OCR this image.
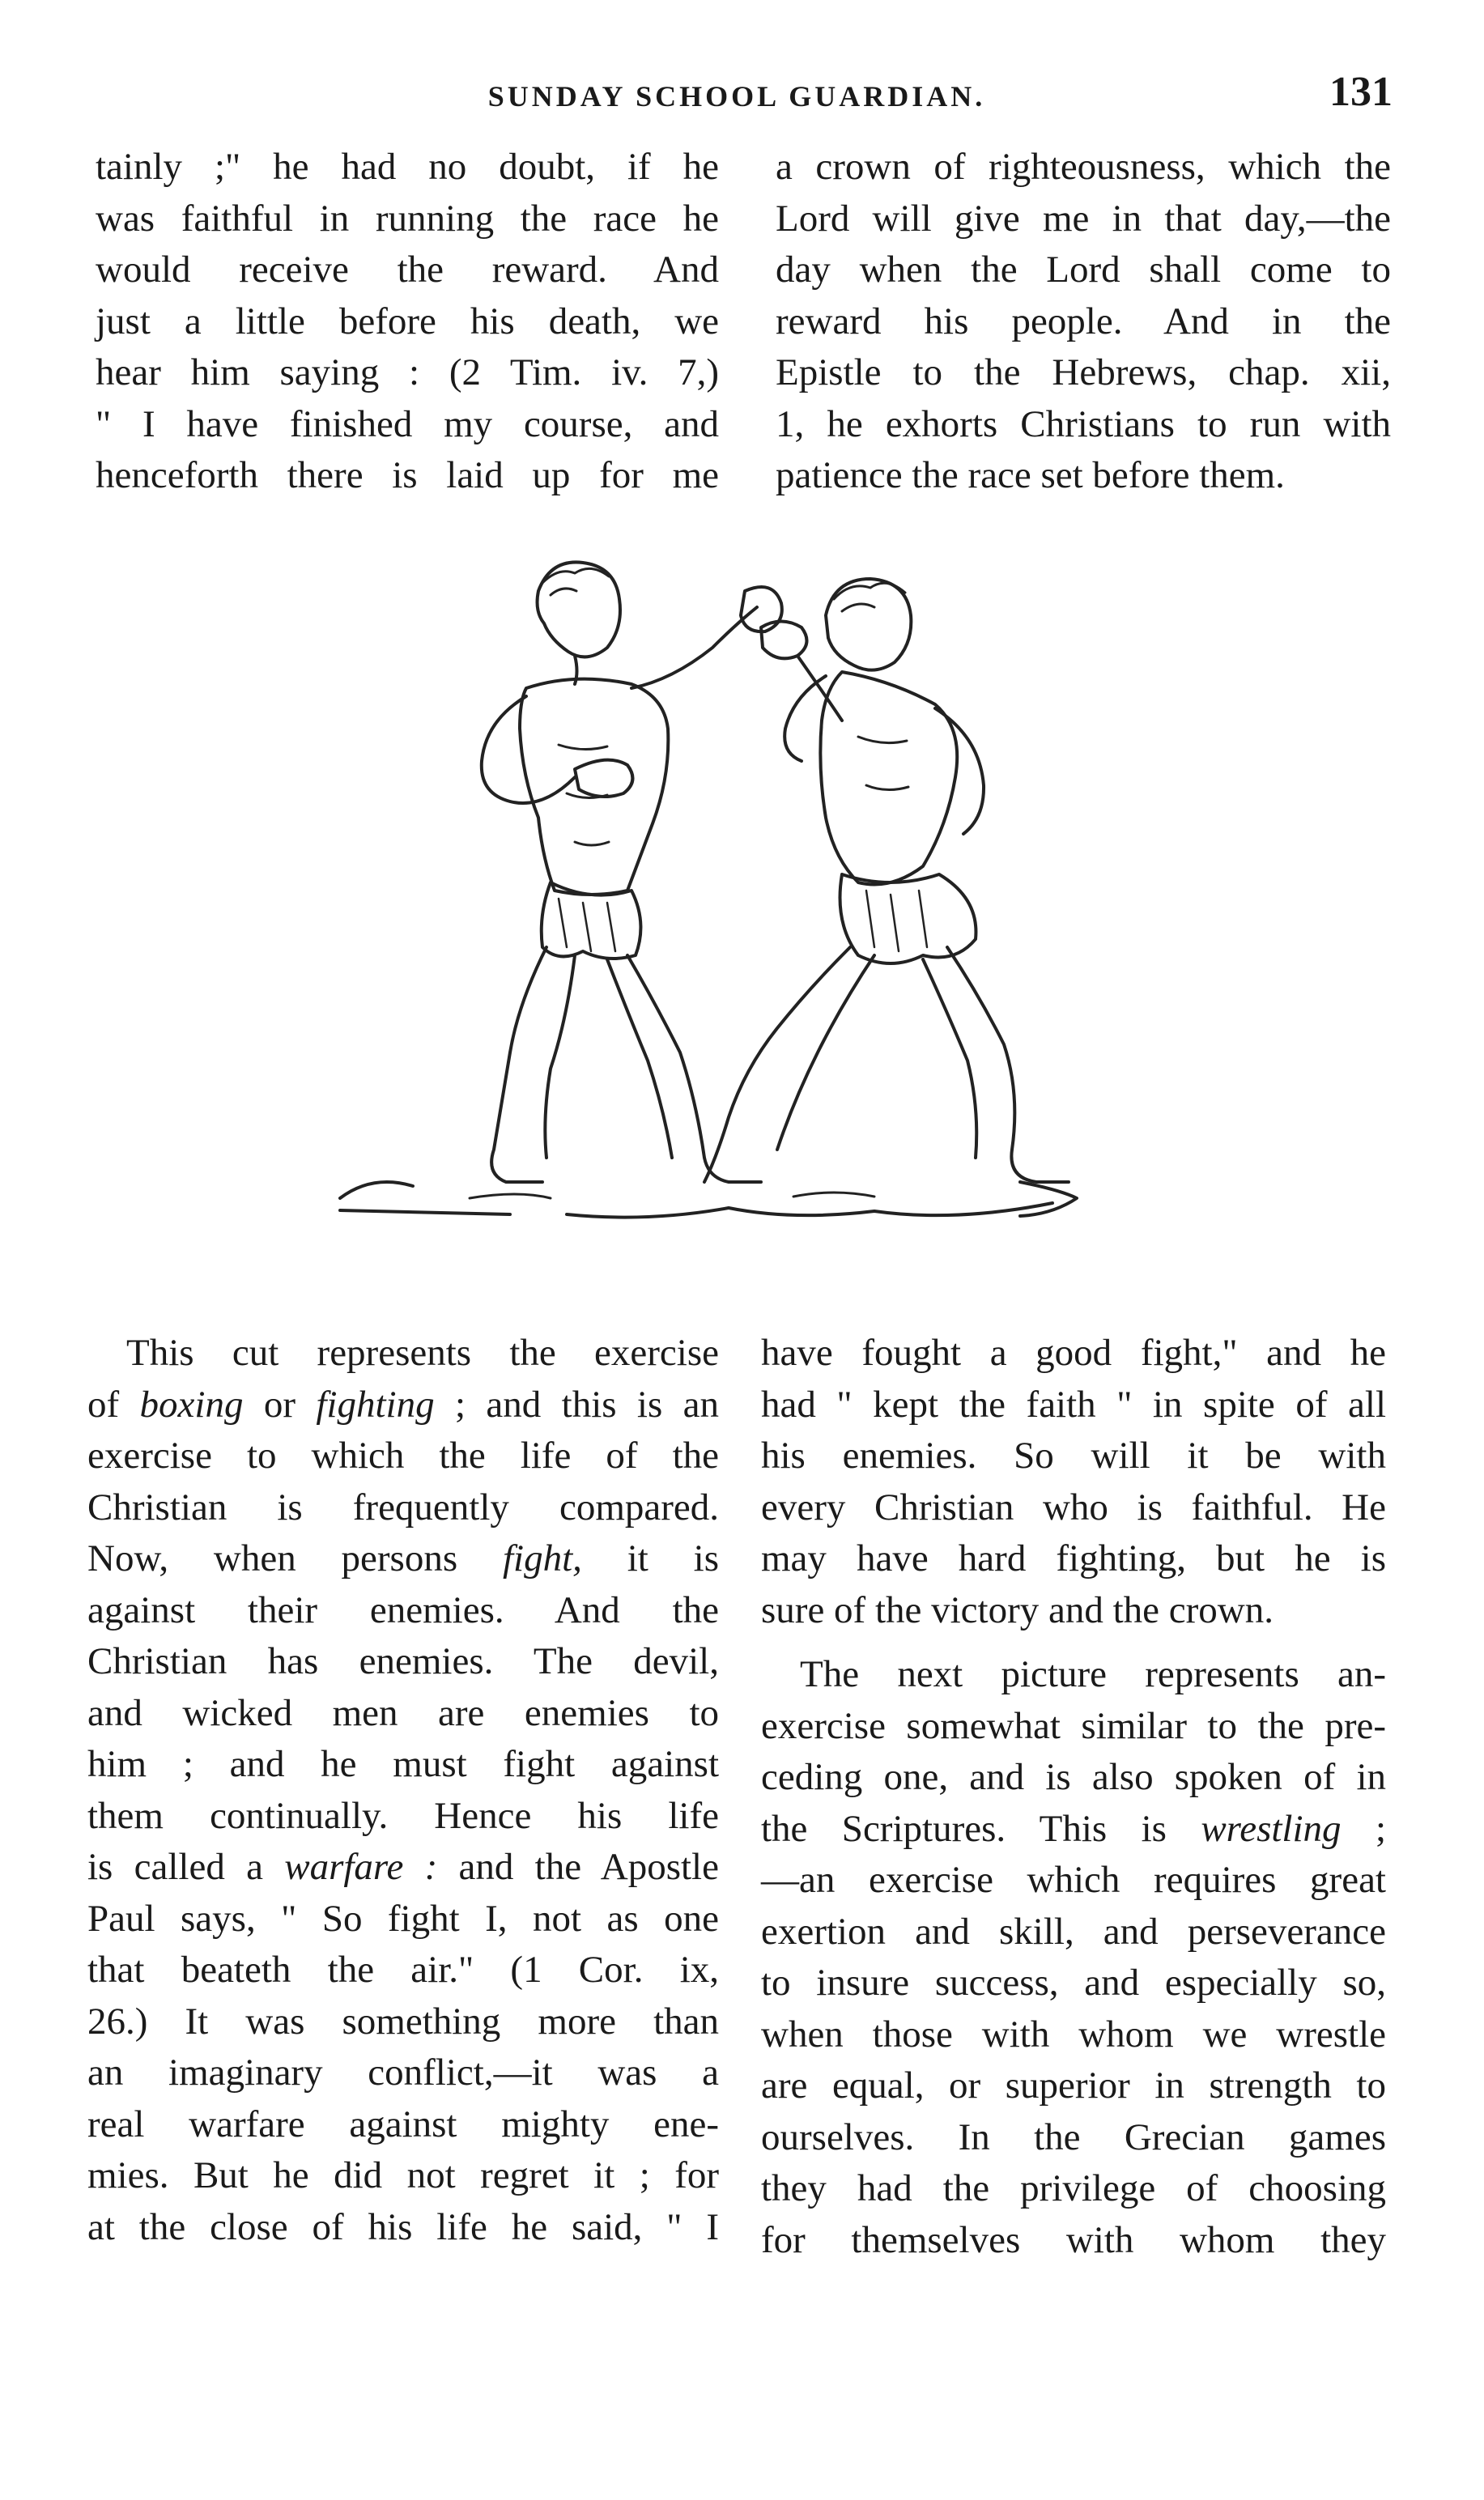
SUNDAY SCHOOL GUARDIAN.	131
tainly ;" he had no doubt, if he
was faithful in running the race he
would receive the reward. And
just a little before his death, we
hear him saying : (2 Tim. iv. 7,)
" I have finished my course, and
henceforth there is laid up for me
a crown of righteousness, which the
Lord will give me in that day,—the
day when the Lord shall come to
reward his people. And in the
Epistle to the Hebrews, chap. xii,
1, he exhorts Christians to run with
patience the race set before them.
This cut represents the exercise
of boxing or fighting ; and this is an
exercise to which the life of the
Christian is frequently compared.
Now, when persons fight, it is
against their enemies. And the
Christian has enemies. The devil,
and wicked men are enemies to
him ; and he must fight against
them continually. Hence his life
is called a warfare : and the Apostle
Paul says, " So fight I, not as one
that beateth the air." (1 Cor. ix,
26.) It was something more than
an imaginary conflict,—it was a
real warfare against mighty ene-
mies. But he did not regret it ; for
at the close of his life he said, " I
have fought a good fight," and he
had " kept the faith " in spite of all
his enemies. So will it be with
every Christian who is faithful. He
may have hard fighting, but he is
sure of the victory and the crown.
The next picture represents an-
exercise somewhat similar to the pre-
ceding one, and is also spoken of in
the Scriptures. This is wrestling ;
—an exercise which requires great
exertion and skill, and perseverance
to insure success, and especially so,
when those with whom we wrestle
are equal, or superior in strength to
ourselves. In the Grecian games
they had the privilege of choosing
for themselves with whom they
